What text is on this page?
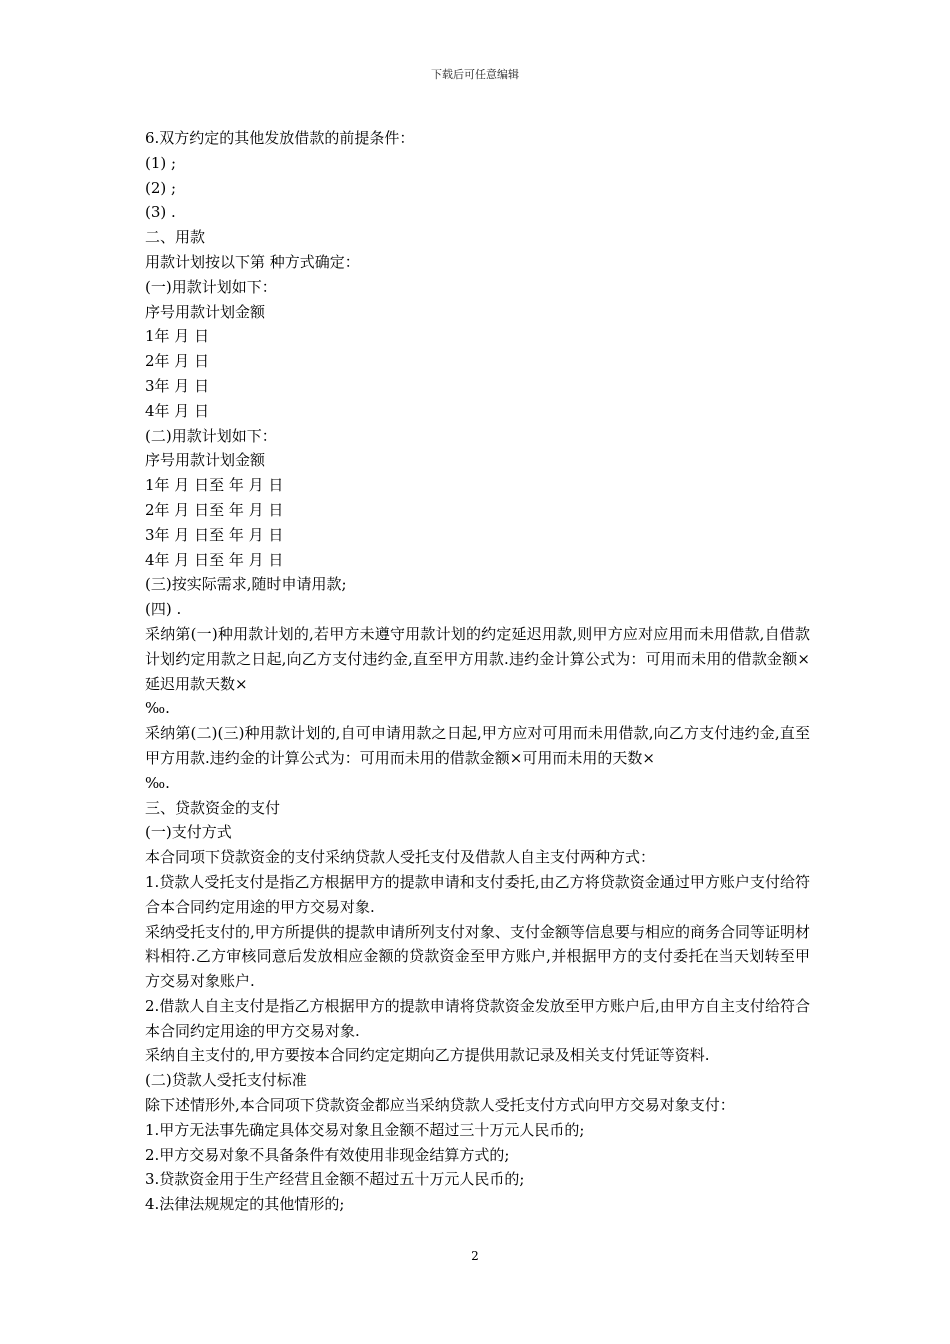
下载后可任意编辑

6.双方约定的其他发放借款的前提条件：

(1) ;

(2) ;

(3) .

二、用款

用款计划按以下第 种方式确定：

(一)用款计划如下：

序号用款计划金额

1年 月 日

2年 月 日

3年 月 日

4年 月 日

(二)用款计划如下：

序号用款计划金额

1年 月 日至 年 月 日

2年 月 日至 年 月 日

3年 月 日至 年 月 日

4年 月 日至 年 月 日

(三)按实际需求,随时申请用款;

(四) .

采纳第(一)种用款计划的,若甲方未遵守用款计划的约定延迟用款,则甲方应对应用而未用借款,自借款计划约定用款之日起,向乙方支付违约金,直至甲方用款.违约金计算公式为：可用而未用的借款金额×延迟用款天数×

‰.

采纳第(二)(三)种用款计划的,自可申请用款之日起,甲方应对可用而未用借款,向乙方支付违约金,直至甲方用款.违约金的计算公式为：可用而未用的借款金额×可用而未用的天数×

‰.

三、贷款资金的支付

(一)支付方式

本合同项下贷款资金的支付采纳贷款人受托支付及借款人自主支付两种方式：

1.贷款人受托支付是指乙方根据甲方的提款申请和支付委托,由乙方将贷款资金通过甲方账户支付给符合本合同约定用途的甲方交易对象.

采纳受托支付的,甲方所提供的提款申请所列支付对象、支付金额等信息要与相应的商务合同等证明材料相符.乙方审核同意后发放相应金额的贷款资金至甲方账户,并根据甲方的支付委托在当天划转至甲方交易对象账户.

2.借款人自主支付是指乙方根据甲方的提款申请将贷款资金发放至甲方账户后,由甲方自主支付给符合本合同约定用途的甲方交易对象.

采纳自主支付的,甲方要按本合同约定定期向乙方提供用款记录及相关支付凭证等资料.

(二)贷款人受托支付标准

除下述情形外,本合同项下贷款资金都应当采纳贷款人受托支付方式向甲方交易对象支付：

1.甲方无法事先确定具体交易对象且金额不超过三十万元人民币的;

2.甲方交易对象不具备条件有效使用非现金结算方式的;

3.贷款资金用于生产经营且金额不超过五十万元人民币的;

4.法律法规规定的其他情形的;

2
